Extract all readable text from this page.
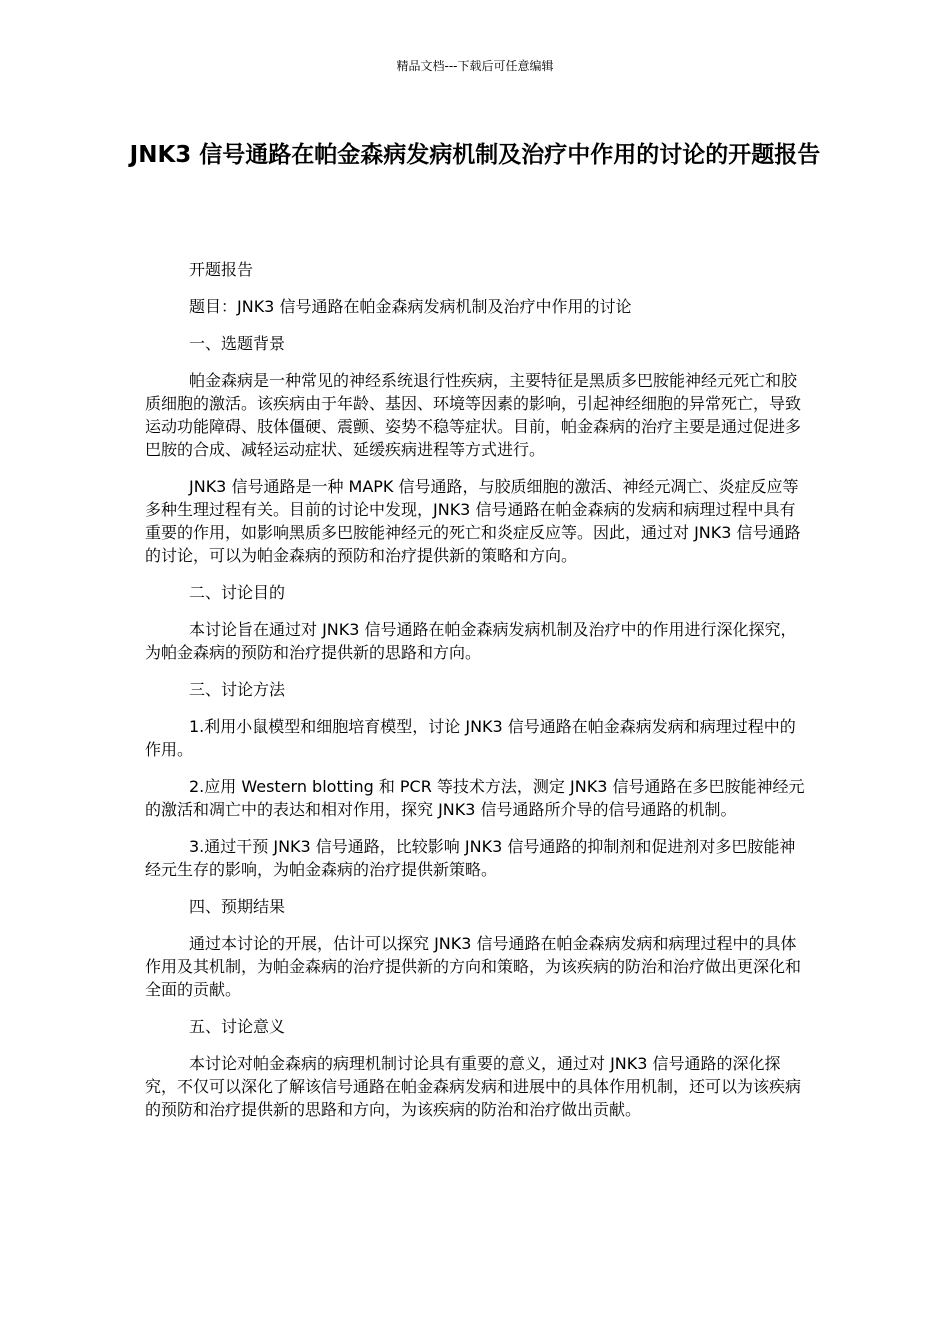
精品文档---下载后可任意编辑
JNK3 信号通路在帕金森病发病机制及治疗中作用的讨论的开题报告

开题报告

题目：JNK3 信号通路在帕金森病发病机制及治疗中作用的讨论

一、选题背景

帕金森病是一种常见的神经系统退行性疾病，主要特征是黑质多巴胺能神经元死亡和胶质细胞的激活。该疾病由于年龄、基因、环境等因素的影响，引起神经细胞的异常死亡，导致运动功能障碍、肢体僵硬、震颤、姿势不稳等症状。目前，帕金森病的治疗主要是通过促进多巴胺的合成、减轻运动症状、延缓疾病进程等方式进行。

JNK3 信号通路是一种 MAPK 信号通路，与胶质细胞的激活、神经元凋亡、炎症反应等多种生理过程有关。目前的讨论中发现，JNK3 信号通路在帕金森病的发病和病理过程中具有重要的作用，如影响黑质多巴胺能神经元的死亡和炎症反应等。因此，通过对 JNK3 信号通路的讨论，可以为帕金森病的预防和治疗提供新的策略和方向。

二、讨论目的

本讨论旨在通过对 JNK3 信号通路在帕金森病发病机制及治疗中的作用进行深化探究，为帕金森病的预防和治疗提供新的思路和方向。

三、讨论方法

1.利用小鼠模型和细胞培育模型，讨论 JNK3 信号通路在帕金森病发病和病理过程中的作用。

2.应用 Western blotting 和 PCR 等技术方法，测定 JNK3 信号通路在多巴胺能神经元的激活和凋亡中的表达和相对作用，探究 JNK3 信号通路所介导的信号通路的机制。

3.通过干预 JNK3 信号通路，比较影响 JNK3 信号通路的抑制剂和促进剂对多巴胺能神经元生存的影响，为帕金森病的治疗提供新策略。

四、预期结果

通过本讨论的开展，估计可以探究 JNK3 信号通路在帕金森病发病和病理过程中的具体作用及其机制，为帕金森病的治疗提供新的方向和策略，为该疾病的防治和治疗做出更深化和全面的贡献。

五、讨论意义

本讨论对帕金森病的病理机制讨论具有重要的意义，通过对 JNK3 信号通路的深化探究，不仅可以深化了解该信号通路在帕金森病发病和进展中的具体作用机制，还可以为该疾病的预防和治疗提供新的思路和方向，为该疾病的防治和治疗做出贡献。
